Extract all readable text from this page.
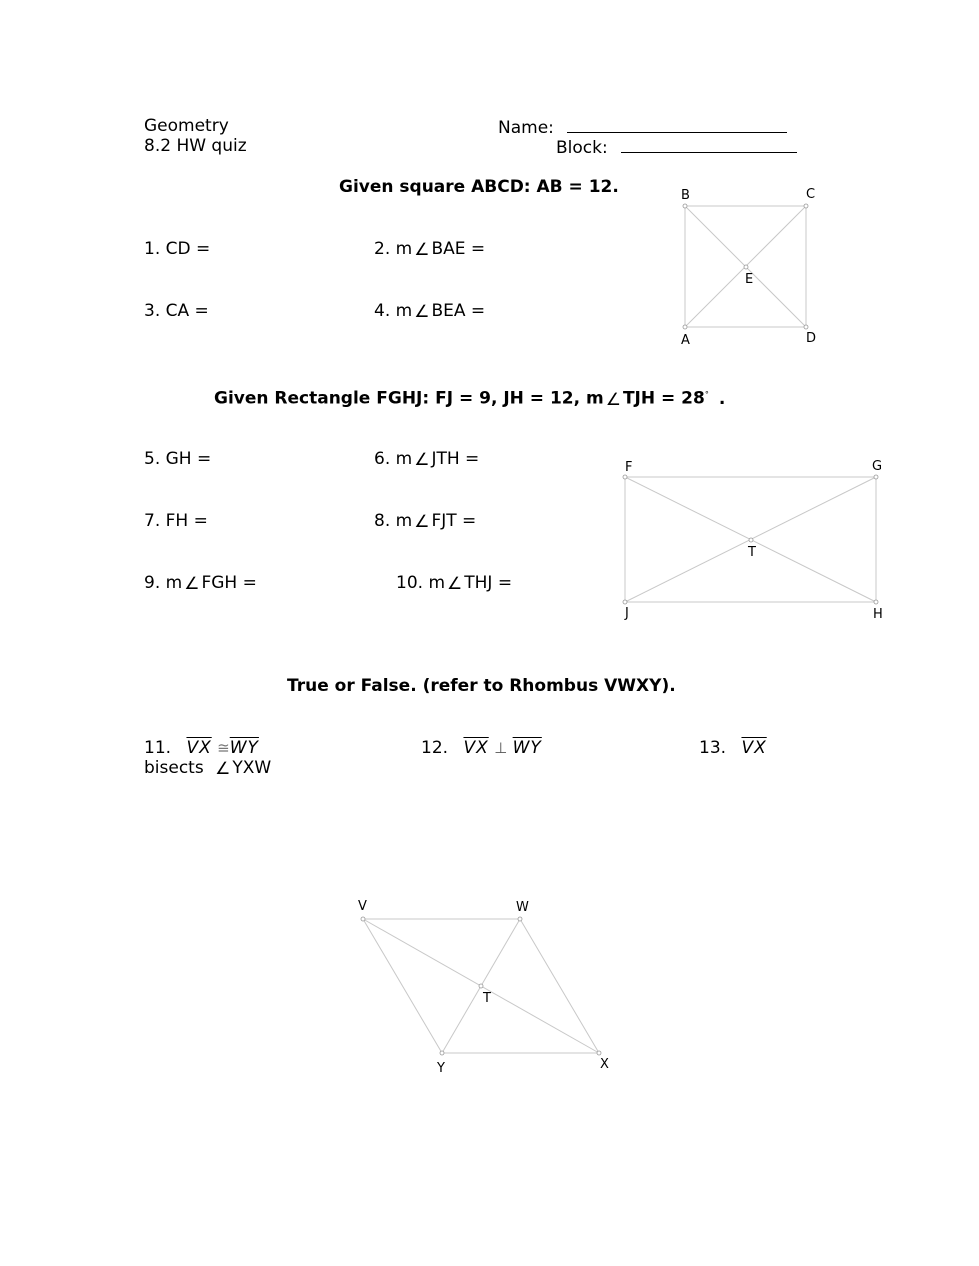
Geometry
8.2 HW quiz
Name:
Block:
Given square ABCD: AB = 12.
1. CD =	2. m ∠ BAE =
3. CA =	4. m ∠ BEA =
Given Rectangle FGHJ: FJ = 9, JH = 12, m ∠ TJH = 28° .
5. GH =	6. m ∠ JTH =
7. FH =	8. m ∠ FJT =
9. m ∠ FGH =	10. m ∠ THJ =
True or False. (refer to Rhombus VWXY).
11. $\overline{VX}$ $≅\overline{WY}$
bisects ∠ YXW
12. $\overline{VX}$ ⊥ $\overline{WY}$	13. $\overline{VX}$
B	C
A	D
E
F	G
J	H
T
V	W
X
Y
T
